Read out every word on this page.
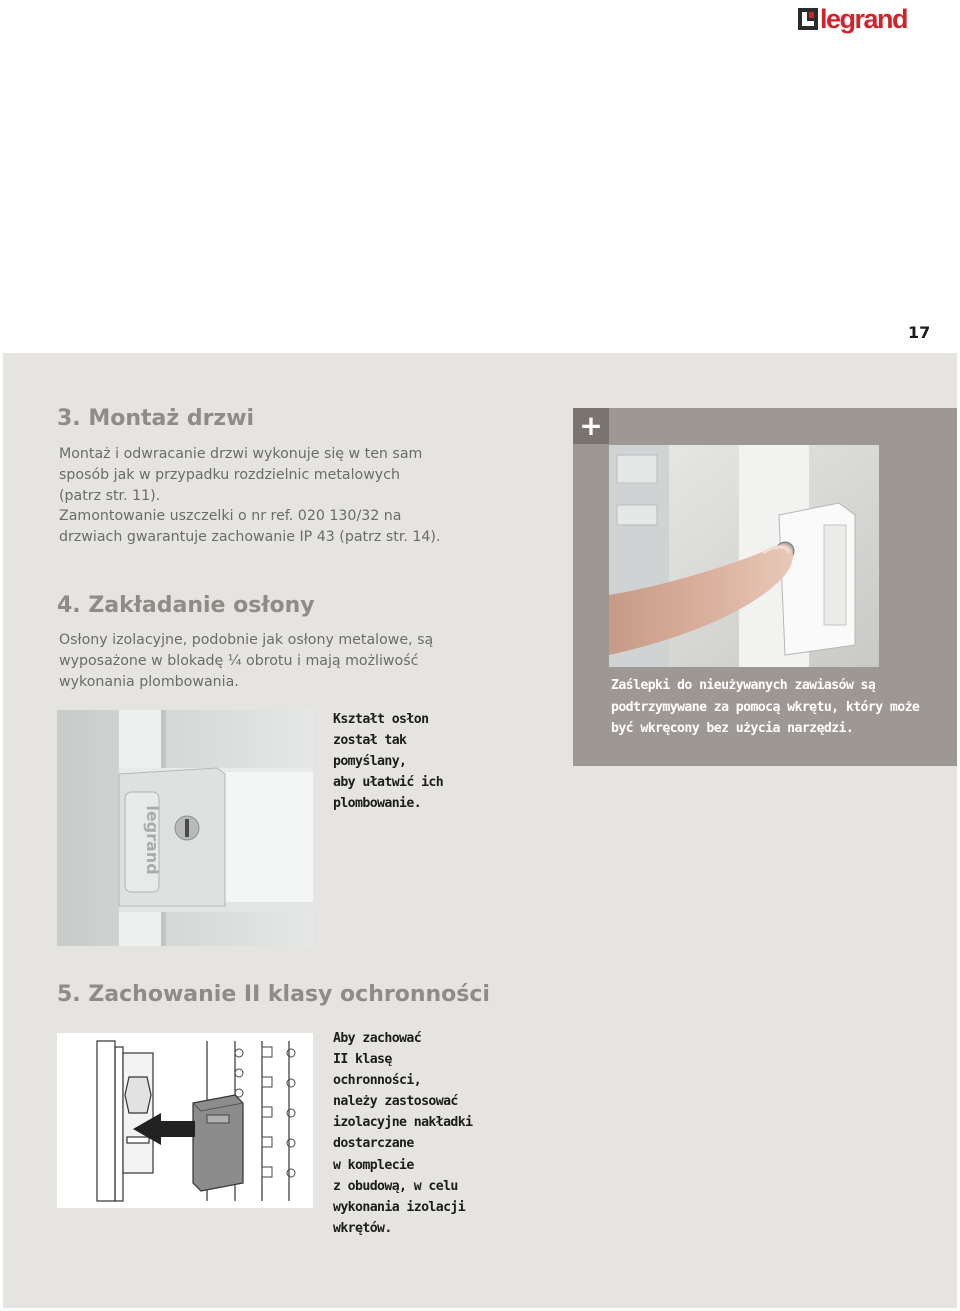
legrand
17
3. Montaż drzwi
Montaż i odwracanie drzwi wykonuje się w ten sam
sposób jak w przypadku rozdzielnic metalowych
(patrz str. 11).
Zamontowanie uszczelki o nr ref. 020 130/32 na
drzwiach gwarantuje zachowanie IP 43 (patrz str. 14).
4. Zakładanie osłony
Osłony izolacyjne, podobnie jak osłony metalowe, są
wyposażone w blokadę ¼ obrotu i mają możliwość
wykonania plombowania.
legrand
Kształt osłon
został tak
pomyślany,
aby ułatwić ich
plombowanie.
+
Zaślepki do nieużywanych zawiasów są
podtrzymywane za pomocą wkrętu, który może
być wkręcony bez użycia narzędzi.
5. Zachowanie II klasy ochronności
Aby zachować
II klasę ochronności,
należy zastosować
izolacyjne nakładki
dostarczane
w komplecie
z obudową, w celu
wykonania izolacji
wkrętów.
